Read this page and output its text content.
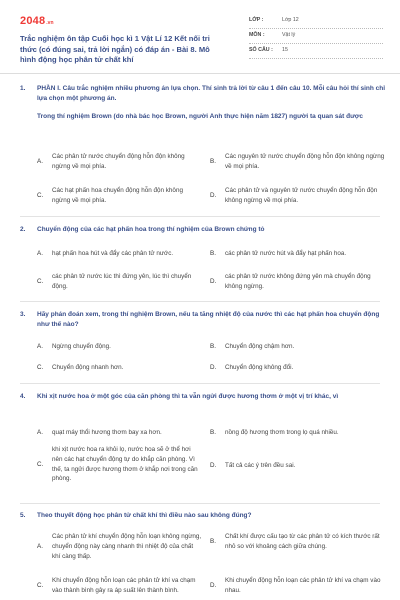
2048 .vn
Trắc nghiệm ôn tập Cuối học kì 1 Vật Lí 12 Kết nối tri thức (có đúng sai, trả lời ngắn) có đáp án - Bài 8. Mô hình động học phân tử chất khí
LỚP :	Lớp 12
MÔN :	Vật lý
SỐ CÂU :	15
1.	PHẦN I. Câu trắc nghiệm nhiều phương án lựa chọn. Thí sinh trả lời từ câu 1 đến câu 10. Mỗi câu hỏi thí sinh chỉ lựa chọn một phương án.
Trong thí nghiệm Brown (do nhà bác học Brown, người Anh thực hiện năm 1827) người ta quan sát được
A.
Các phân tử nước chuyển động hỗn độn không ngừng về mọi phía.
B.
Các nguyên tử nước chuyển động hỗn độn không ngừng về mọi phía.
C.
Các hạt phấn hoa chuyển động hỗn độn không ngừng về mọi phía.
D.
Các phân tử và nguyên tử nước chuyển động hỗn độn không ngừng về mọi phía.
2.	Chuyển động của các hạt phấn hoa trong thí nghiệm của Brown chứng tỏ
A.	hạt phấn hoa hút và đẩy các phân tử nước.	B.	các phân tử nước hút và đẩy hạt phấn hoa.
C.
các phân tử nước lúc thì đứng yên, lúc thì chuyển động.
D.
các phân tử nước không đứng yên mà chuyển động không ngừng.
3.	Hãy phán đoán xem, trong thí nghiệm Brown, nếu ta tăng nhiệt độ của nước thì các hạt phấn hoa chuyển động như thế nào?
A.	Ngừng chuyển động.	B.	Chuyển động chậm hơn.
C.	Chuyển động nhanh hơn.	D.	Chuyển động không đổi.
4.	Khi xịt nước hoa ở một góc của căn phòng thì ta vẫn ngửi được hương thơm ở một vị trí khác, vì
A.	quạt máy thổi hương thơm bay xa hơn.	B.	nồng độ hương thơm trong lọ quá nhiều.
C.
khi xịt nước hoa ra khỏi lọ, nước hoa sẽ ở thể hơi nên các hạt chuyển động tự do khắp căn phòng. Vì thế, ta ngửi được hương thơm ở khắp nơi trong căn phòng.
D.	Tất cả các ý trên đều sai.
5.	Theo thuyết động học phân tử chất khí thì điều nào sau không đúng?
A.
Các phân tử khí chuyển động hỗn loạn không ngừng, chuyển động này càng nhanh thì nhiệt độ của chất khí càng thấp.
B.
Chất khí được cấu tạo từ các phân tử có kích thước rất nhỏ so với khoảng cách giữa chúng.
C.
Khi chuyển động hỗn loạn các phân tử khí va chạm vào thành bình gây ra áp suất lên thành bình.
D.
Khi chuyển động hỗn loạn các phân tử khí va chạm vào nhau.
